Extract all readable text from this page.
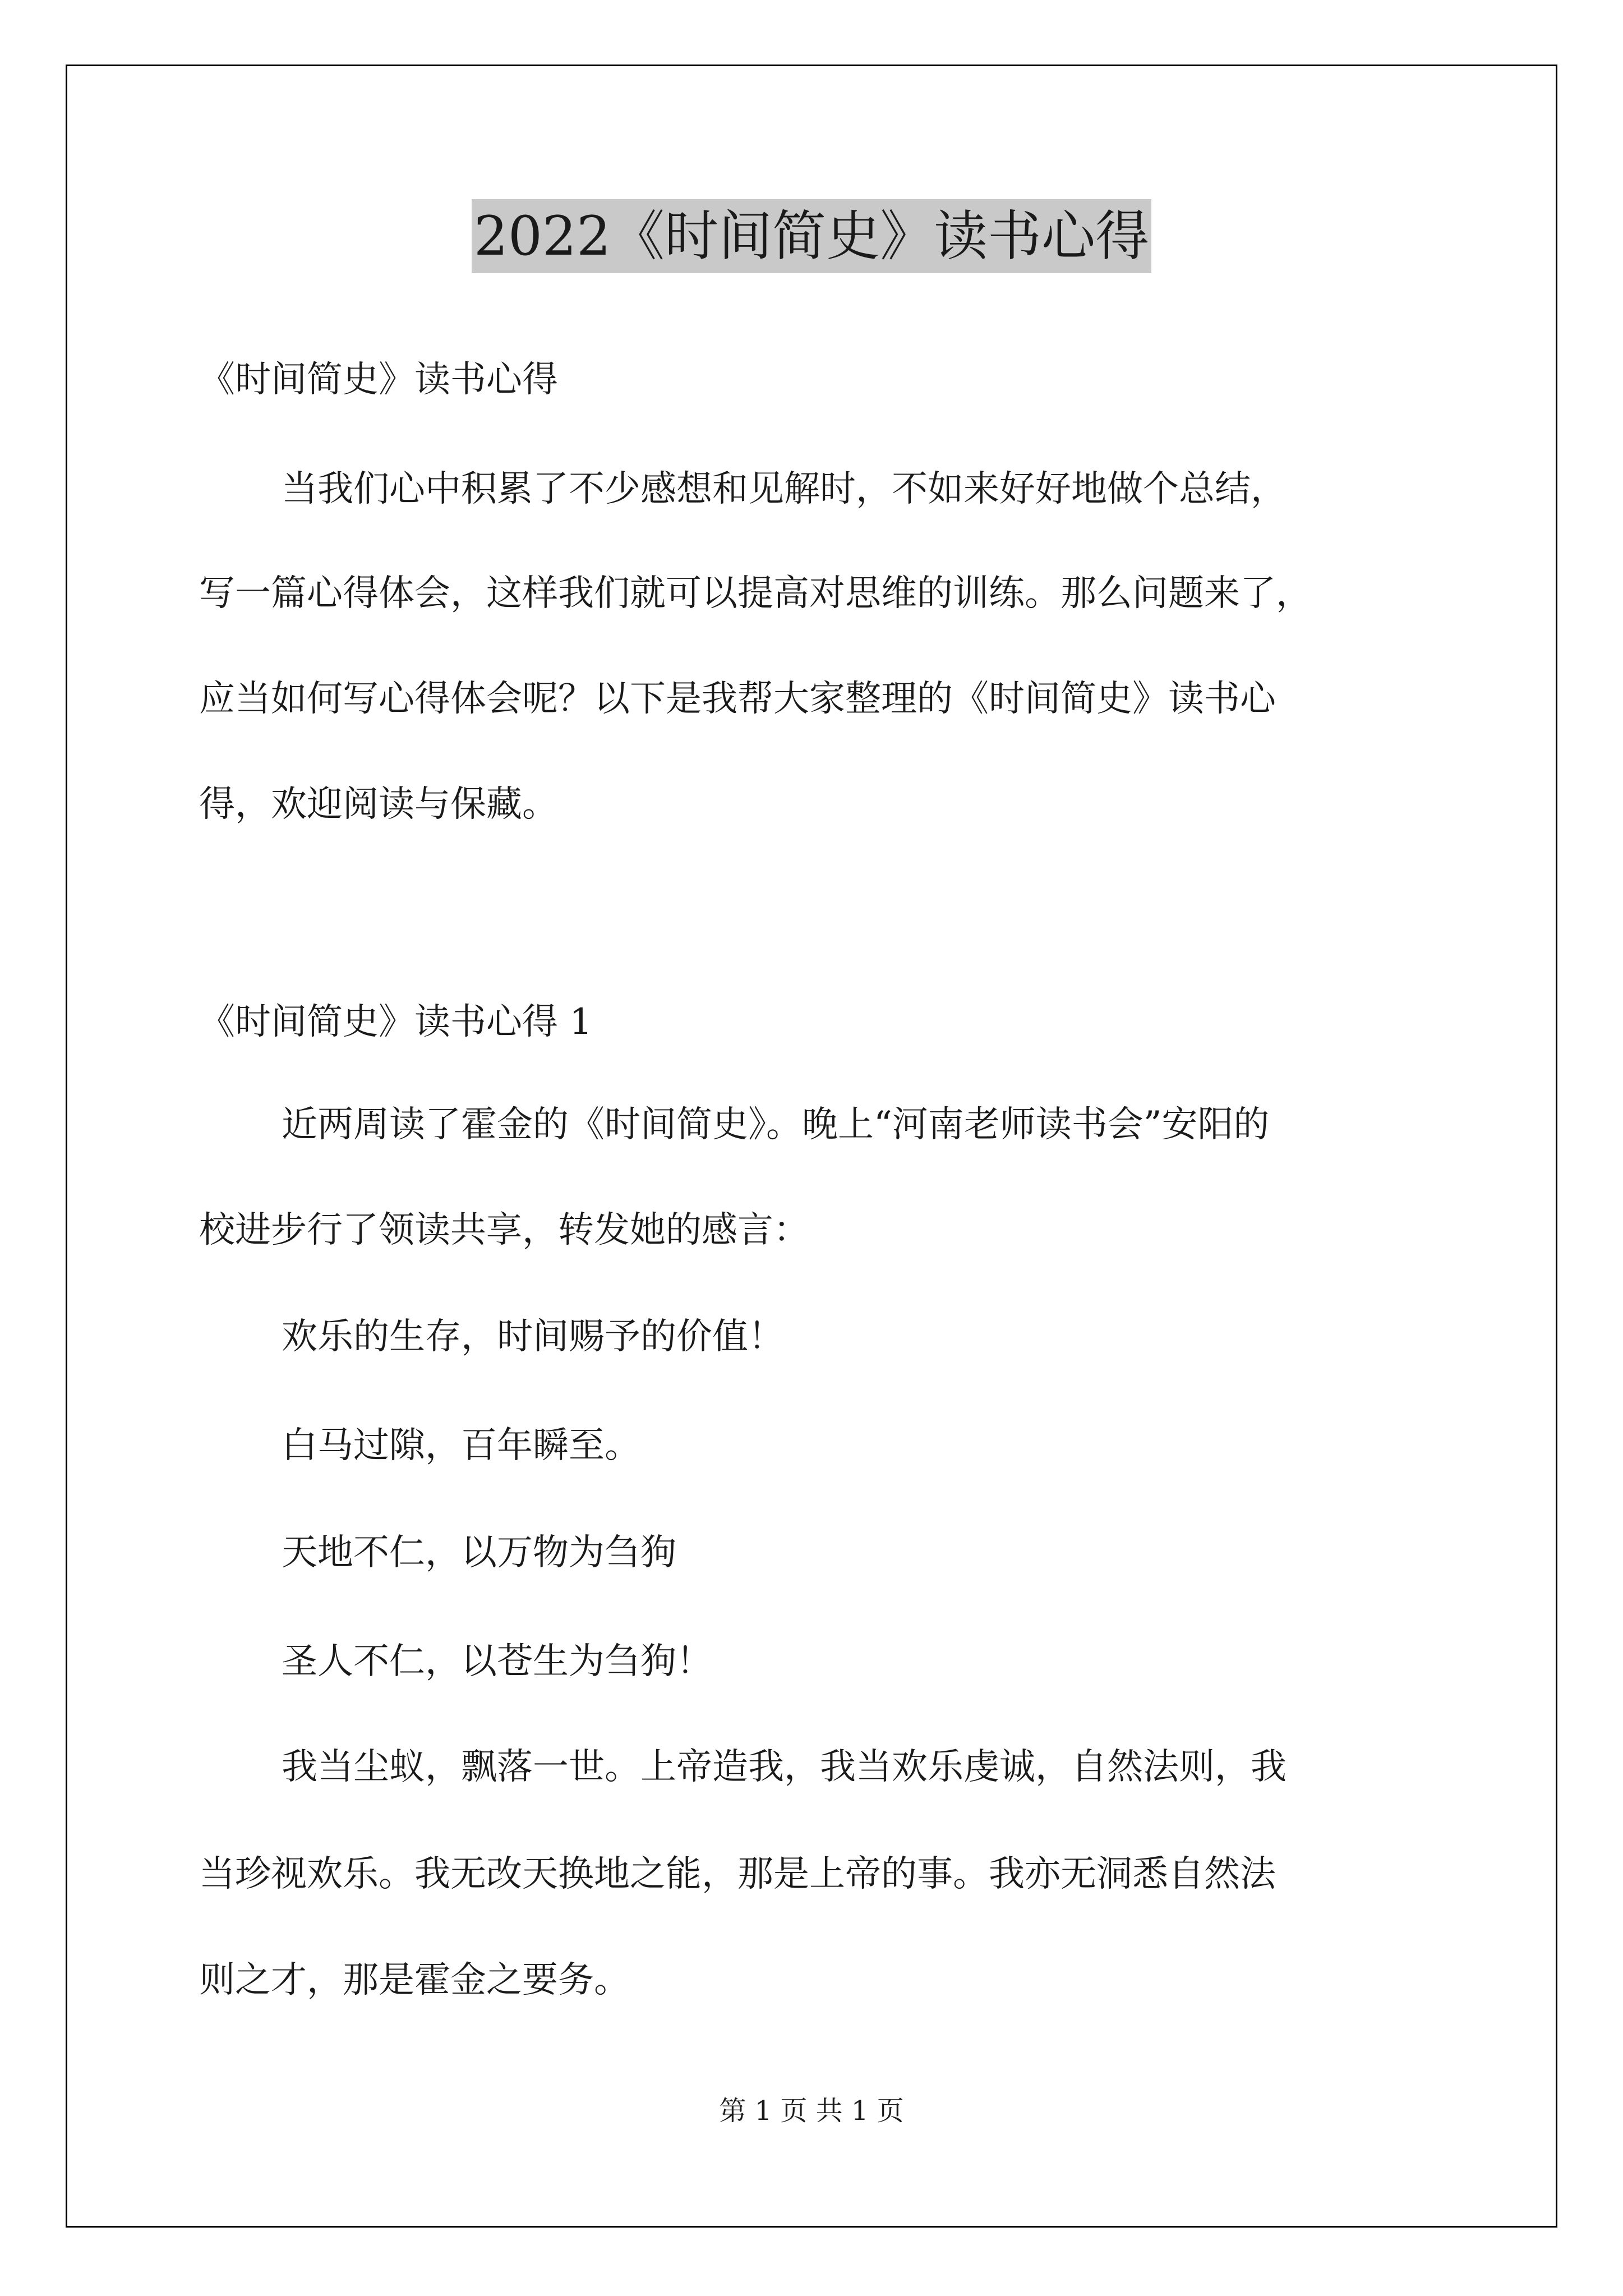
2022《时间简史》读书心得

《时间简史》读书心得

当我们心中积累了不少感想和见解时，不如来好好地做个总结，

写一篇心得体会，这样我们就可以提高对思维的训练。那么问题来了，

应当如何写心得体会呢？以下是我帮大家整理的《时间简史》读书心

得，欢迎阅读与保藏。

《时间简史》读书心得 1

近两周读了霍金的《时间简史》。晚上“河南老师读书会”安阳的

校进步行了领读共享，转发她的感言：

欢乐的生存，时间赐予的价值！

白马过隙，百年瞬至。

天地不仁，以万物为刍狗

圣人不仁，以苍生为刍狗！

我当尘蚁，飘落一世。上帝造我，我当欢乐虔诚，自然法则，我

当珍视欢乐。我无改天换地之能，那是上帝的事。我亦无洞悉自然法

则之才，那是霍金之要务。

第 1 页 共 1 页
